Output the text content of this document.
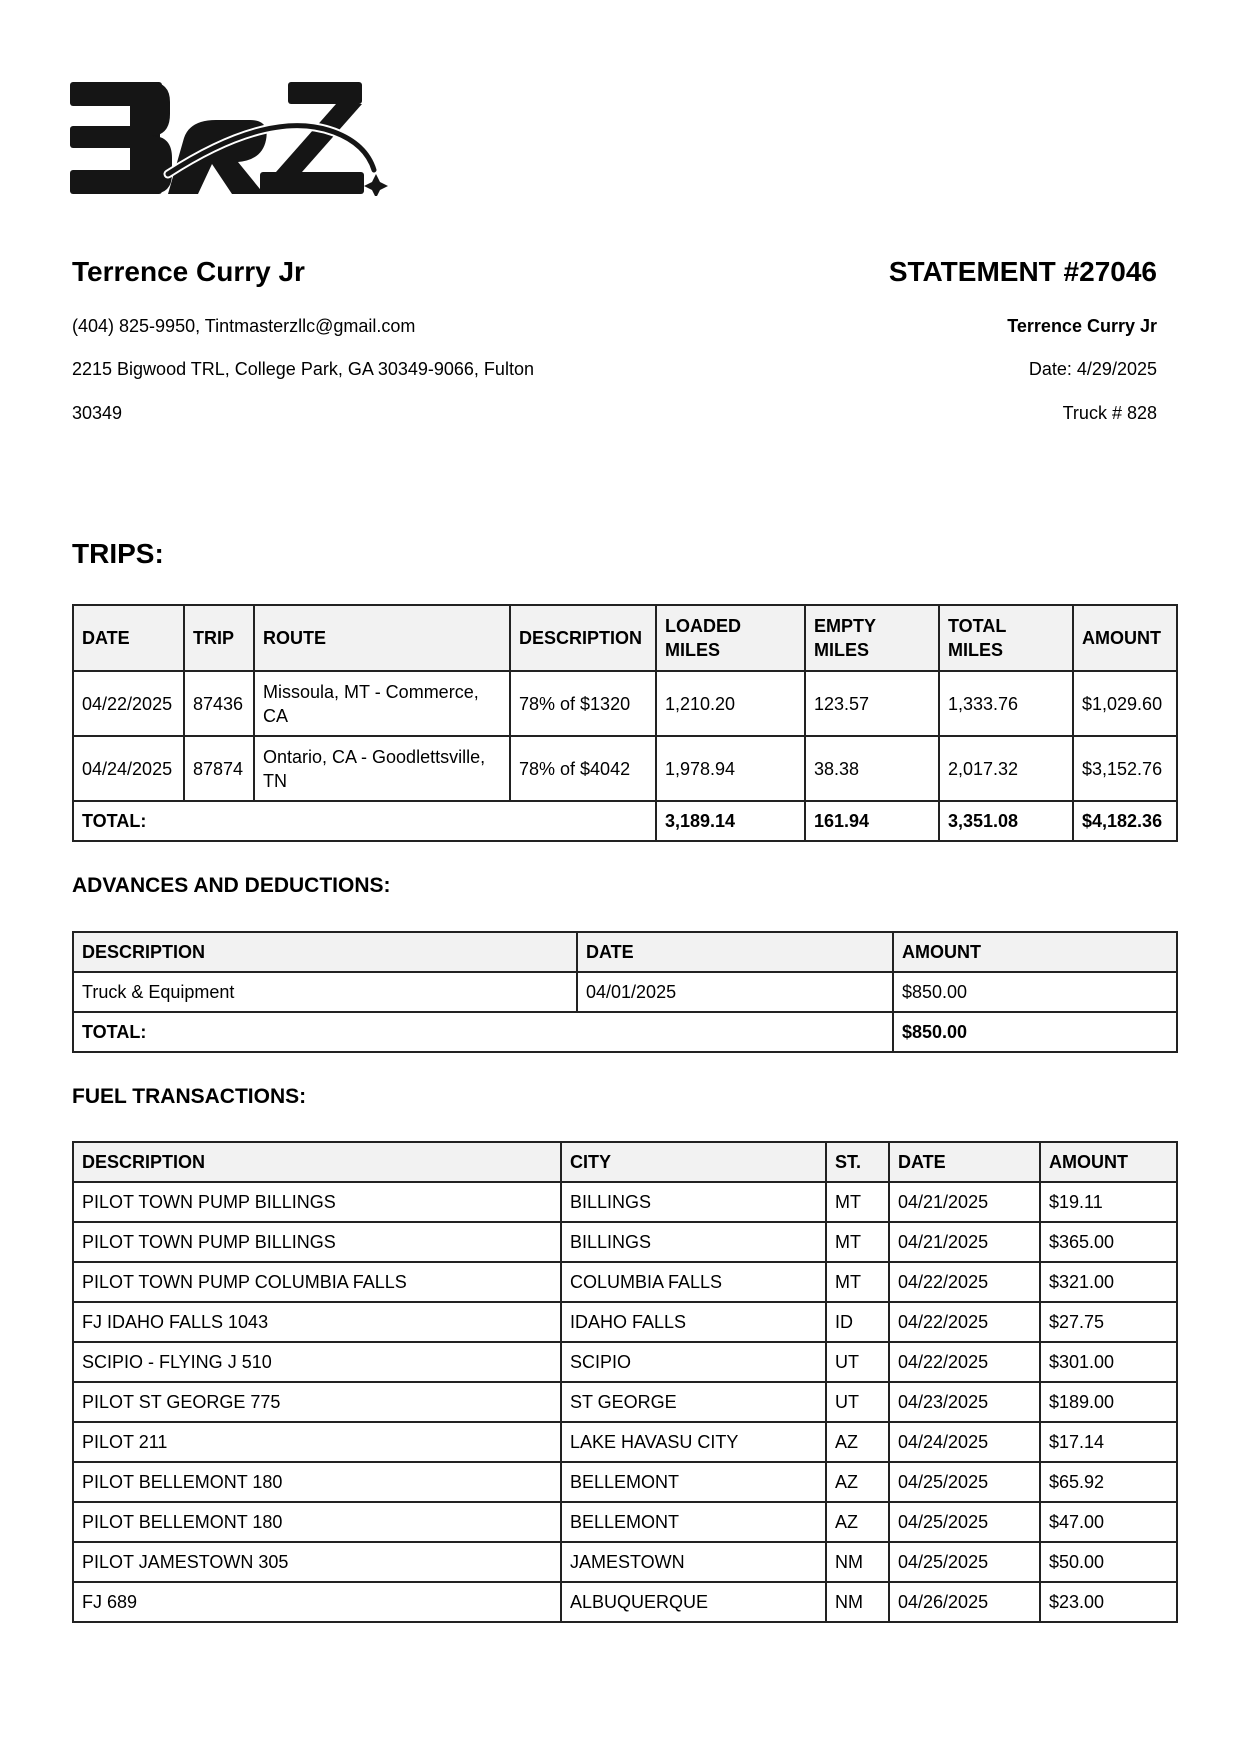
Terrence Curry Jr
(404) 825-9950, Tintmasterzllc@gmail.com
2215 Bigwood TRL, College Park, GA 30349-9066, Fulton
30349
STATEMENT #27046
Terrence Curry Jr
Date: 4/29/2025
Truck # 828
TRIPS:
DATE	TRIP	ROUTE	DESCRIPTION	LOADED MILES	EMPTY MILES	TOTAL MILES	AMOUNT
04/22/2025	87436	Missoula, MT - Commerce, CA	78% of $1320	1,210.20	123.57	1,333.76	$1,029.60
04/24/2025	87874	Ontario, CA - Goodlettsville, TN	78% of $4042	1,978.94	38.38	2,017.32	$3,152.76
TOTAL:				3,189.14	161.94	3,351.08	$4,182.36
ADVANCES AND DEDUCTIONS:
DESCRIPTION	DATE	AMOUNT
Truck & Equipment	04/01/2025	$850.00
TOTAL:		$850.00
FUEL TRANSACTIONS:
DESCRIPTION	CITY	ST.	DATE	AMOUNT
PILOT TOWN PUMP BILLINGS	BILLINGS	MT	04/21/2025	$19.11
PILOT TOWN PUMP BILLINGS	BILLINGS	MT	04/21/2025	$365.00
PILOT TOWN PUMP COLUMBIA FALLS	COLUMBIA FALLS	MT	04/22/2025	$321.00
FJ IDAHO FALLS 1043	IDAHO FALLS	ID	04/22/2025	$27.75
SCIPIO - FLYING J 510	SCIPIO	UT	04/22/2025	$301.00
PILOT ST GEORGE 775	ST GEORGE	UT	04/23/2025	$189.00
PILOT 211	LAKE HAVASU CITY	AZ	04/24/2025	$17.14
PILOT BELLEMONT 180	BELLEMONT	AZ	04/25/2025	$65.92
PILOT BELLEMONT 180	BELLEMONT	AZ	04/25/2025	$47.00
PILOT JAMESTOWN 305	JAMESTOWN	NM	04/25/2025	$50.00
FJ 689	ALBUQUERQUE	NM	04/26/2025	$23.00
